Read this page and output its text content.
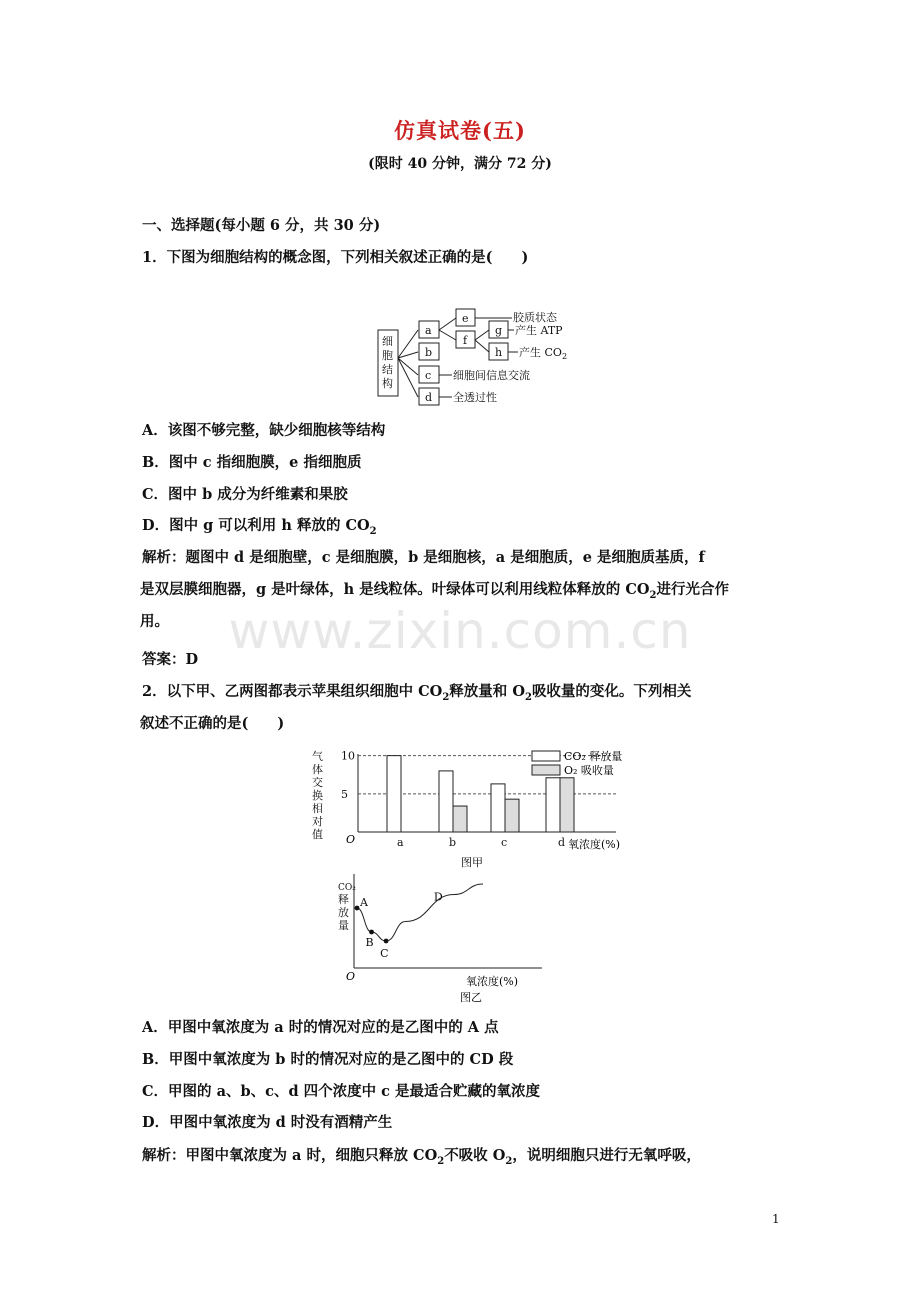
仿真试卷(五)
(限时 40 分钟，满分 72 分)
一、选择题(每小题 6 分，共 30 分)
1．下图为细胞结构的概念图，下列相关叙述正确的是(　　)
细
胞
结
构
a
b
c
d
e
f
g
h
胶质状态
产生 ATP
产生 $CO_2$
细胞间信息交流
全透过性
A．该图不够完整，缺少细胞核等结构
B．图中 c 指细胞膜，e 指细胞质
C．图中 b 成分为纤维素和果胶
D．图中 g 可以利用 h 释放的 $CO_2$
解析：题图中 d 是细胞壁，c 是细胞膜，b 是细胞核，a 是细胞质，e 是细胞质基质，f
是双层膜细胞器，g 是叶绿体，h 是线粒体。叶绿体可以利用线粒体释放的 $CO_2$进行光合作
用。	www.zixin.com.cn
答案：D
2．以下甲、乙两图都表示苹果组织细胞中 $CO_2$释放量和 $O_2$吸收量的变化。下列相关
叙述不正确的是(　　)
气
体
交
换
相
对
值
5
10
a	b	c	d
CO₂ 释放量
O₂ 吸收量
O	氧浓度(%)
图甲
CO₂
释
放
量
A
B
C
D
O	氧浓度(%)
图乙
A．甲图中氧浓度为 a 时的情况对应的是乙图中的 A 点
B．甲图中氧浓度为 b 时的情况对应的是乙图中的 CD 段
C．甲图的 a、b、c、d 四个浓度中 c 是最适合贮藏的氧浓度
D．甲图中氧浓度为 d 时没有酒精产生
解析：甲图中氧浓度为 a 时，细胞只释放 $CO_2$不吸收 $O_2$，说明细胞只进行无氧呼吸，
1
